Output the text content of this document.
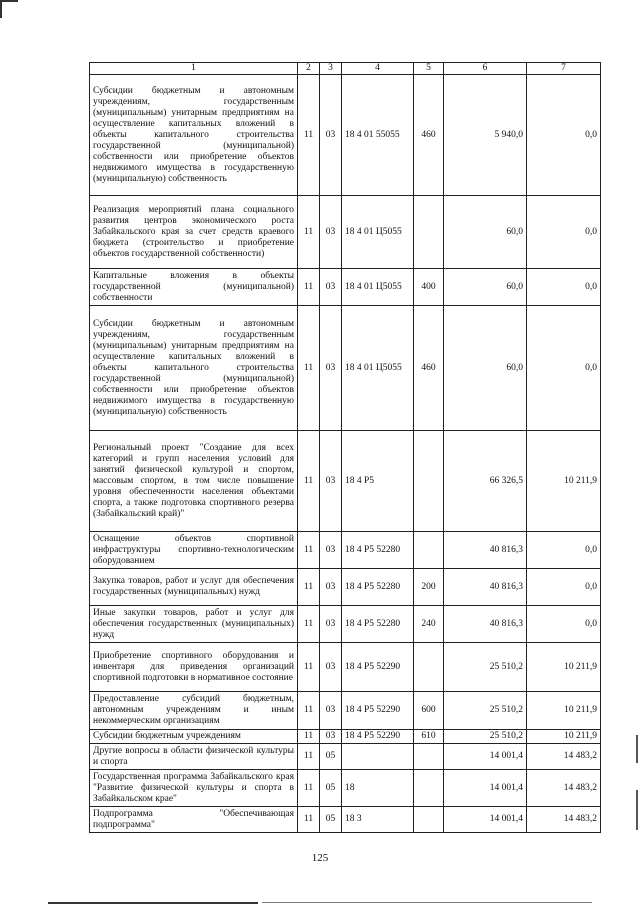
1	2	3	4	5	6	7
Субсидии бюджетным и автономным учреждениям, государственным (муниципальным) унитарным предприятиям на осуществление капитальных вложений в объекты капитального строительства государственной (муниципальной) собственности или приобретение объектов недвижимого имущества в государственную (муниципальную) собственность	11	03	18 4 01 55055	460	5 940,0	0,0
Реализация мероприятий плана социального развития центров экономического роста Забайкальского края за счет средств краевого бюджета (строительство и приобретение объектов государственной собственности)	11	03	18 4 01 Ц5055		60,0	0,0
Капитальные вложения в объекты государственной (муниципальной) собственности	11	03	18 4 01 Ц5055	400	60,0	0,0
Субсидии бюджетным и автономным учреждениям, государственным (муниципальным) унитарным предприятиям на осуществление капитальных вложений в объекты капитального строительства государственной (муниципальной) собственности или приобретение объектов недвижимого имущества в государственную (муниципальную) собственность	11	03	18 4 01 Ц5055	460	60,0	0,0
Региональный проект "Создание для всех категорий и групп населения условий для занятий физической культурой и спортом, массовым спортом, в том числе повышение уровня обеспеченности населения объектами спорта, а также подготовка спортивного резерва (Забайкальский край)"	11	03	18 4 P5		66 326,5	10 211,9
Оснащение объектов спортивной инфраструктуры спортивно-технологическим оборудованием	11	03	18 4 P5 52280		40 816,3	0,0
Закупка товаров, работ и услуг для обеспечения государственных (муниципальных) нужд	11	03	18 4 P5 52280	200	40 816,3	0,0
Иные закупки товаров, работ и услуг для обеспечения государственных (муниципальных) нужд	11	03	18 4 P5 52280	240	40 816,3	0,0
Приобретение спортивного оборудования и инвентаря для приведения организаций спортивной подготовки в нормативное состояние	11	03	18 4 P5 52290		25 510,2	10 211,9
Предоставление субсидий бюджетным, автономным учреждениям и иным некоммерческим организациям	11	03	18 4 P5 52290	600	25 510,2	10 211,9
Субсидии бюджетным учреждениям	11	03	18 4 P5 52290	610	25 510,2	10 211,9
Другие вопросы в области физической культуры и спорта	11	05			14 001,4	14 483,2
Государственная программа Забайкальского края "Развитие физической культуры и спорта в Забайкальском крае"	11	05	18		14 001,4	14 483,2
Подпрограмма "Обеспечивающая подпрограмма"	11	05	18 3		14 001,4	14 483,2
125
